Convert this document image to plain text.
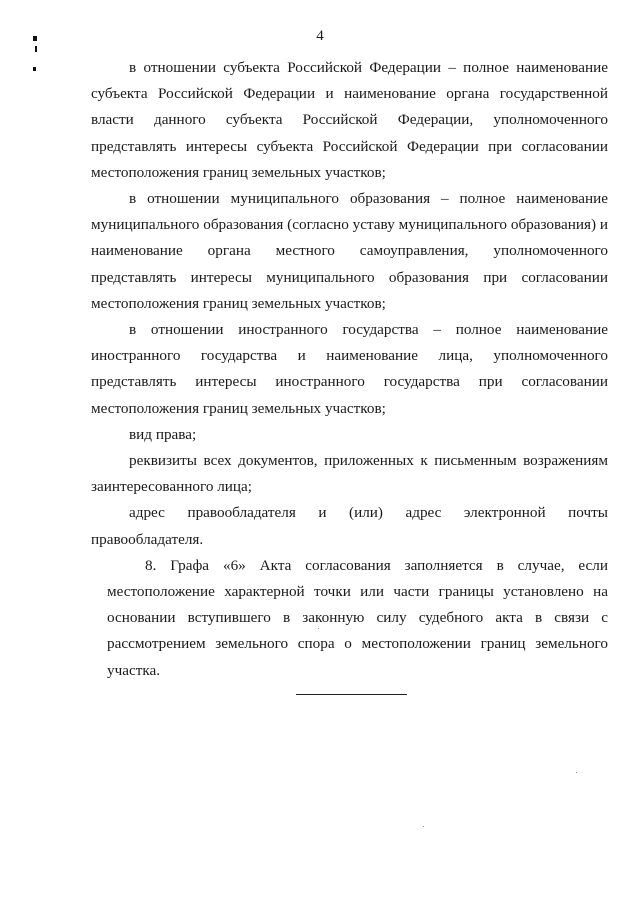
4

в отношении субъекта Российской Федерации – полное наименование субъекта Российской Федерации и наименование органа государственной власти данного субъекта Российской Федерации, уполномоченного представлять интересы субъекта Российской Федерации при согласовании местоположения границ земельных участков;

в отношении муниципального образования – полное наименование муниципального образования (согласно уставу муниципального образования) и наименование органа местного самоуправления, уполномоченного представлять интересы муниципального образования при согласовании местоположения границ земельных участков;

в отношении иностранного государства – полное наименование иностранного государства и наименование лица, уполномоченного представлять интересы иностранного государства при согласовании местоположения границ земельных участков;

вид права;

реквизиты всех документов, приложенных к письменным возражениям заинтересованного лица;

адрес правообладателя и (или) адрес электронной почты правообладателя.

8. Графа «6» Акта согласования заполняется в случае, если местоположение характерной точки или части границы установлено на основании вступившего в законную силу судебного акта в связи с рассмотрением земельного спора о местоположении границ земельного участка.
